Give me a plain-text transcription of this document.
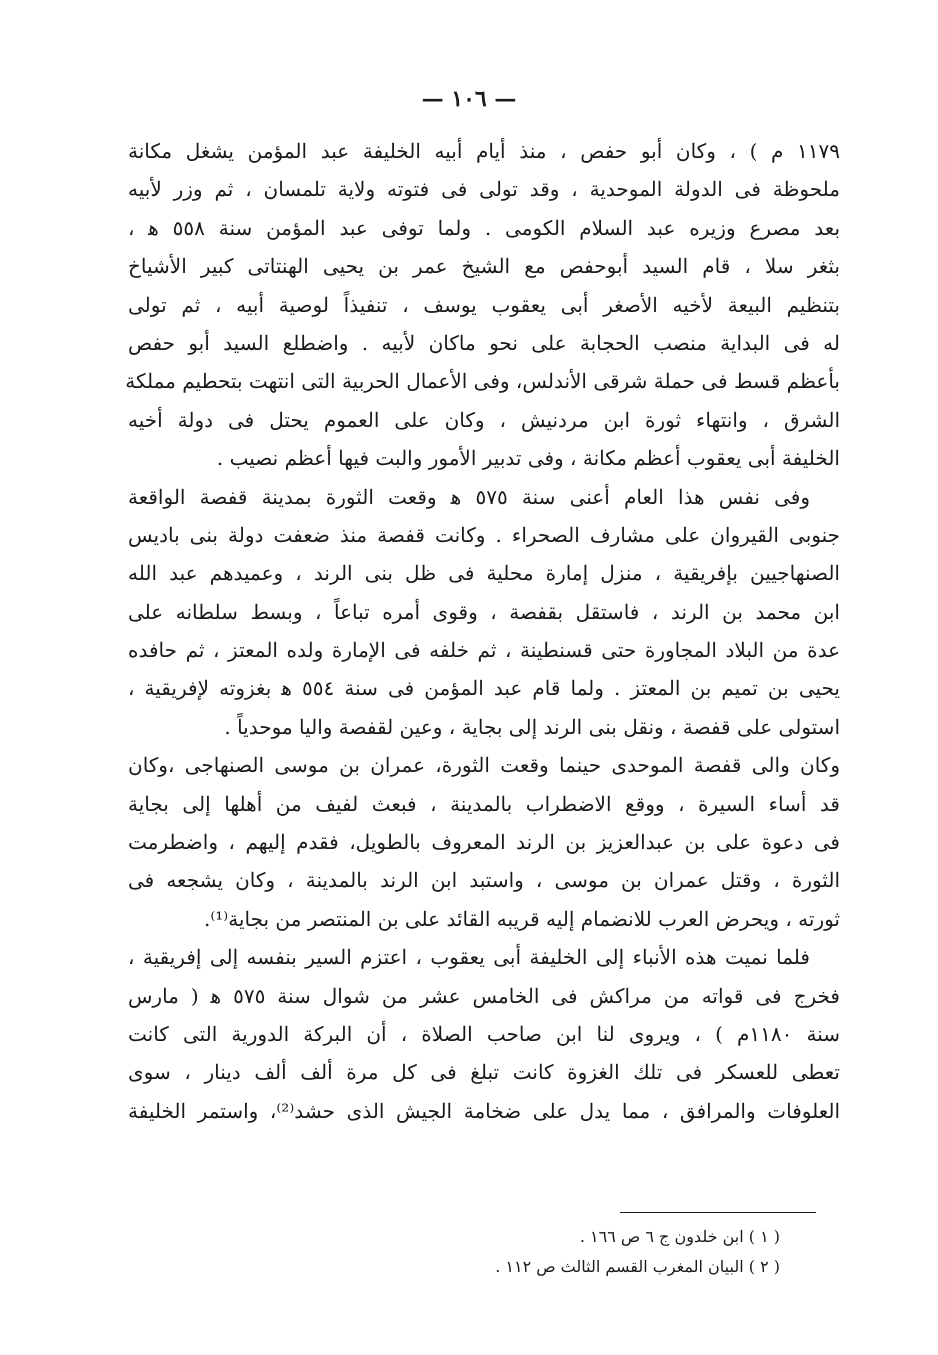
— ١٠٦ —
١١٧٩ م ) ، وكان أبو حفص ، منذ أيام أبيه الخليفة عبد المؤمن يشغل مكانة
ملحوظة فى الدولة الموحدية ، وقد تولى فى فتوته ولاية تلمسان ، ثم وزر لأبيه
بعد مصرع وزيره عبد السلام الكومى . ولما توفى عبد المؤمن سنة ٥٥٨ ﻫ ،
بثغر سلا ، قام السيد أبوحفص مع الشيخ عمر بن يحيى الهنتاتى كبير الأشياخ
بتنظيم البيعة لأخيه الأصغر أبى يعقوب يوسف ، تنفيذاً لوصية أبيه ، ثم تولى
له فى البداية منصب الحجابة على نحو ماكان لأبيه . واضطلع السيد أبو حفص
بأعظم قسط فى حملة شرقى الأندلس، وفى الأعمال الحربية التى انتهت بتحطيم مملكة
الشرق ، وانتهاء ثورة ابن مردنيش ، وكان على العموم يحتل فى دولة أخيه
الخليفة أبى يعقوب أعظم مكانة ، وفى تدبير الأمور والبت فيها أعظم نصيب .
وفى نفس هذا العام أعنى سنة ٥٧٥ ﻫ وقعت الثورة بمدينة قفصة الواقعة
جنوبى القيروان على مشارف الصحراء . وكانت قفصة منذ ضعفت دولة بنى باديس
الصنهاجيين بإفريقية ، منزل إمارة محلية فى ظل بنى الرند ، وعميدهم عبد الله
ابن محمد بن الرند ، فاستقل بقفصة ، وقوى أمره تباعاً ، وبسط سلطانه على
عدة من البلاد المجاورة حتى قسنطينة ، ثم خلفه فى الإمارة ولده المعتز ، ثم حافده
يحيى بن تميم بن المعتز . ولما قام عبد المؤمن فى سنة ٥٥٤ ﻫ بغزوته لإفريقية ،
استولى على قفصة ، ونقل بنى الرند إلى بجاية ، وعين لقفصة واليا موحدياً .
وكان والى قفصة الموحدى حينما وقعت الثورة، عمران بن موسى الصنهاجى ،وكان
قد أساء السيرة ، ووقع الاضطراب بالمدينة ، فبعث لفيف من أهلها إلى بجاية
فى دعوة على بن عبدالعزيز بن الرند المعروف بالطويل، فقدم إليهم ، واضطرمت
الثورة ، وقتل عمران بن موسى ، واستبد ابن الرند بالمدينة ، وكان يشجعه فى
ثورته ، ويحرض العرب للانضمام إليه قريبه القائد على بن المنتصر من بجاية⁽¹⁾.
فلما نميت هذه الأنباء إلى الخليفة أبى يعقوب ، اعتزم السير بنفسه إلى إفريقية ،
فخرج فى قواته من مراكش فى الخامس عشر من شوال سنة ٥٧٥ ﻫ ( مارس
سنة ١١٨٠م ) ، ويروى لنا ابن صاحب الصلاة ، أن البركة الدورية التى كانت
تعطى للعسكر فى تلك الغزوة كانت تبلغ فى كل مرة ألف ألف دينار ، سوى
العلوفات والمرافق ، مما يدل على ضخامة الجيش الذى حشد⁽²⁾، واستمر الخليفة
( ١ ) ابن خلدون ج ٦ ص ١٦٦ .
( ٢ ) البيان المغرب القسم الثالث ص ١١٢ .
